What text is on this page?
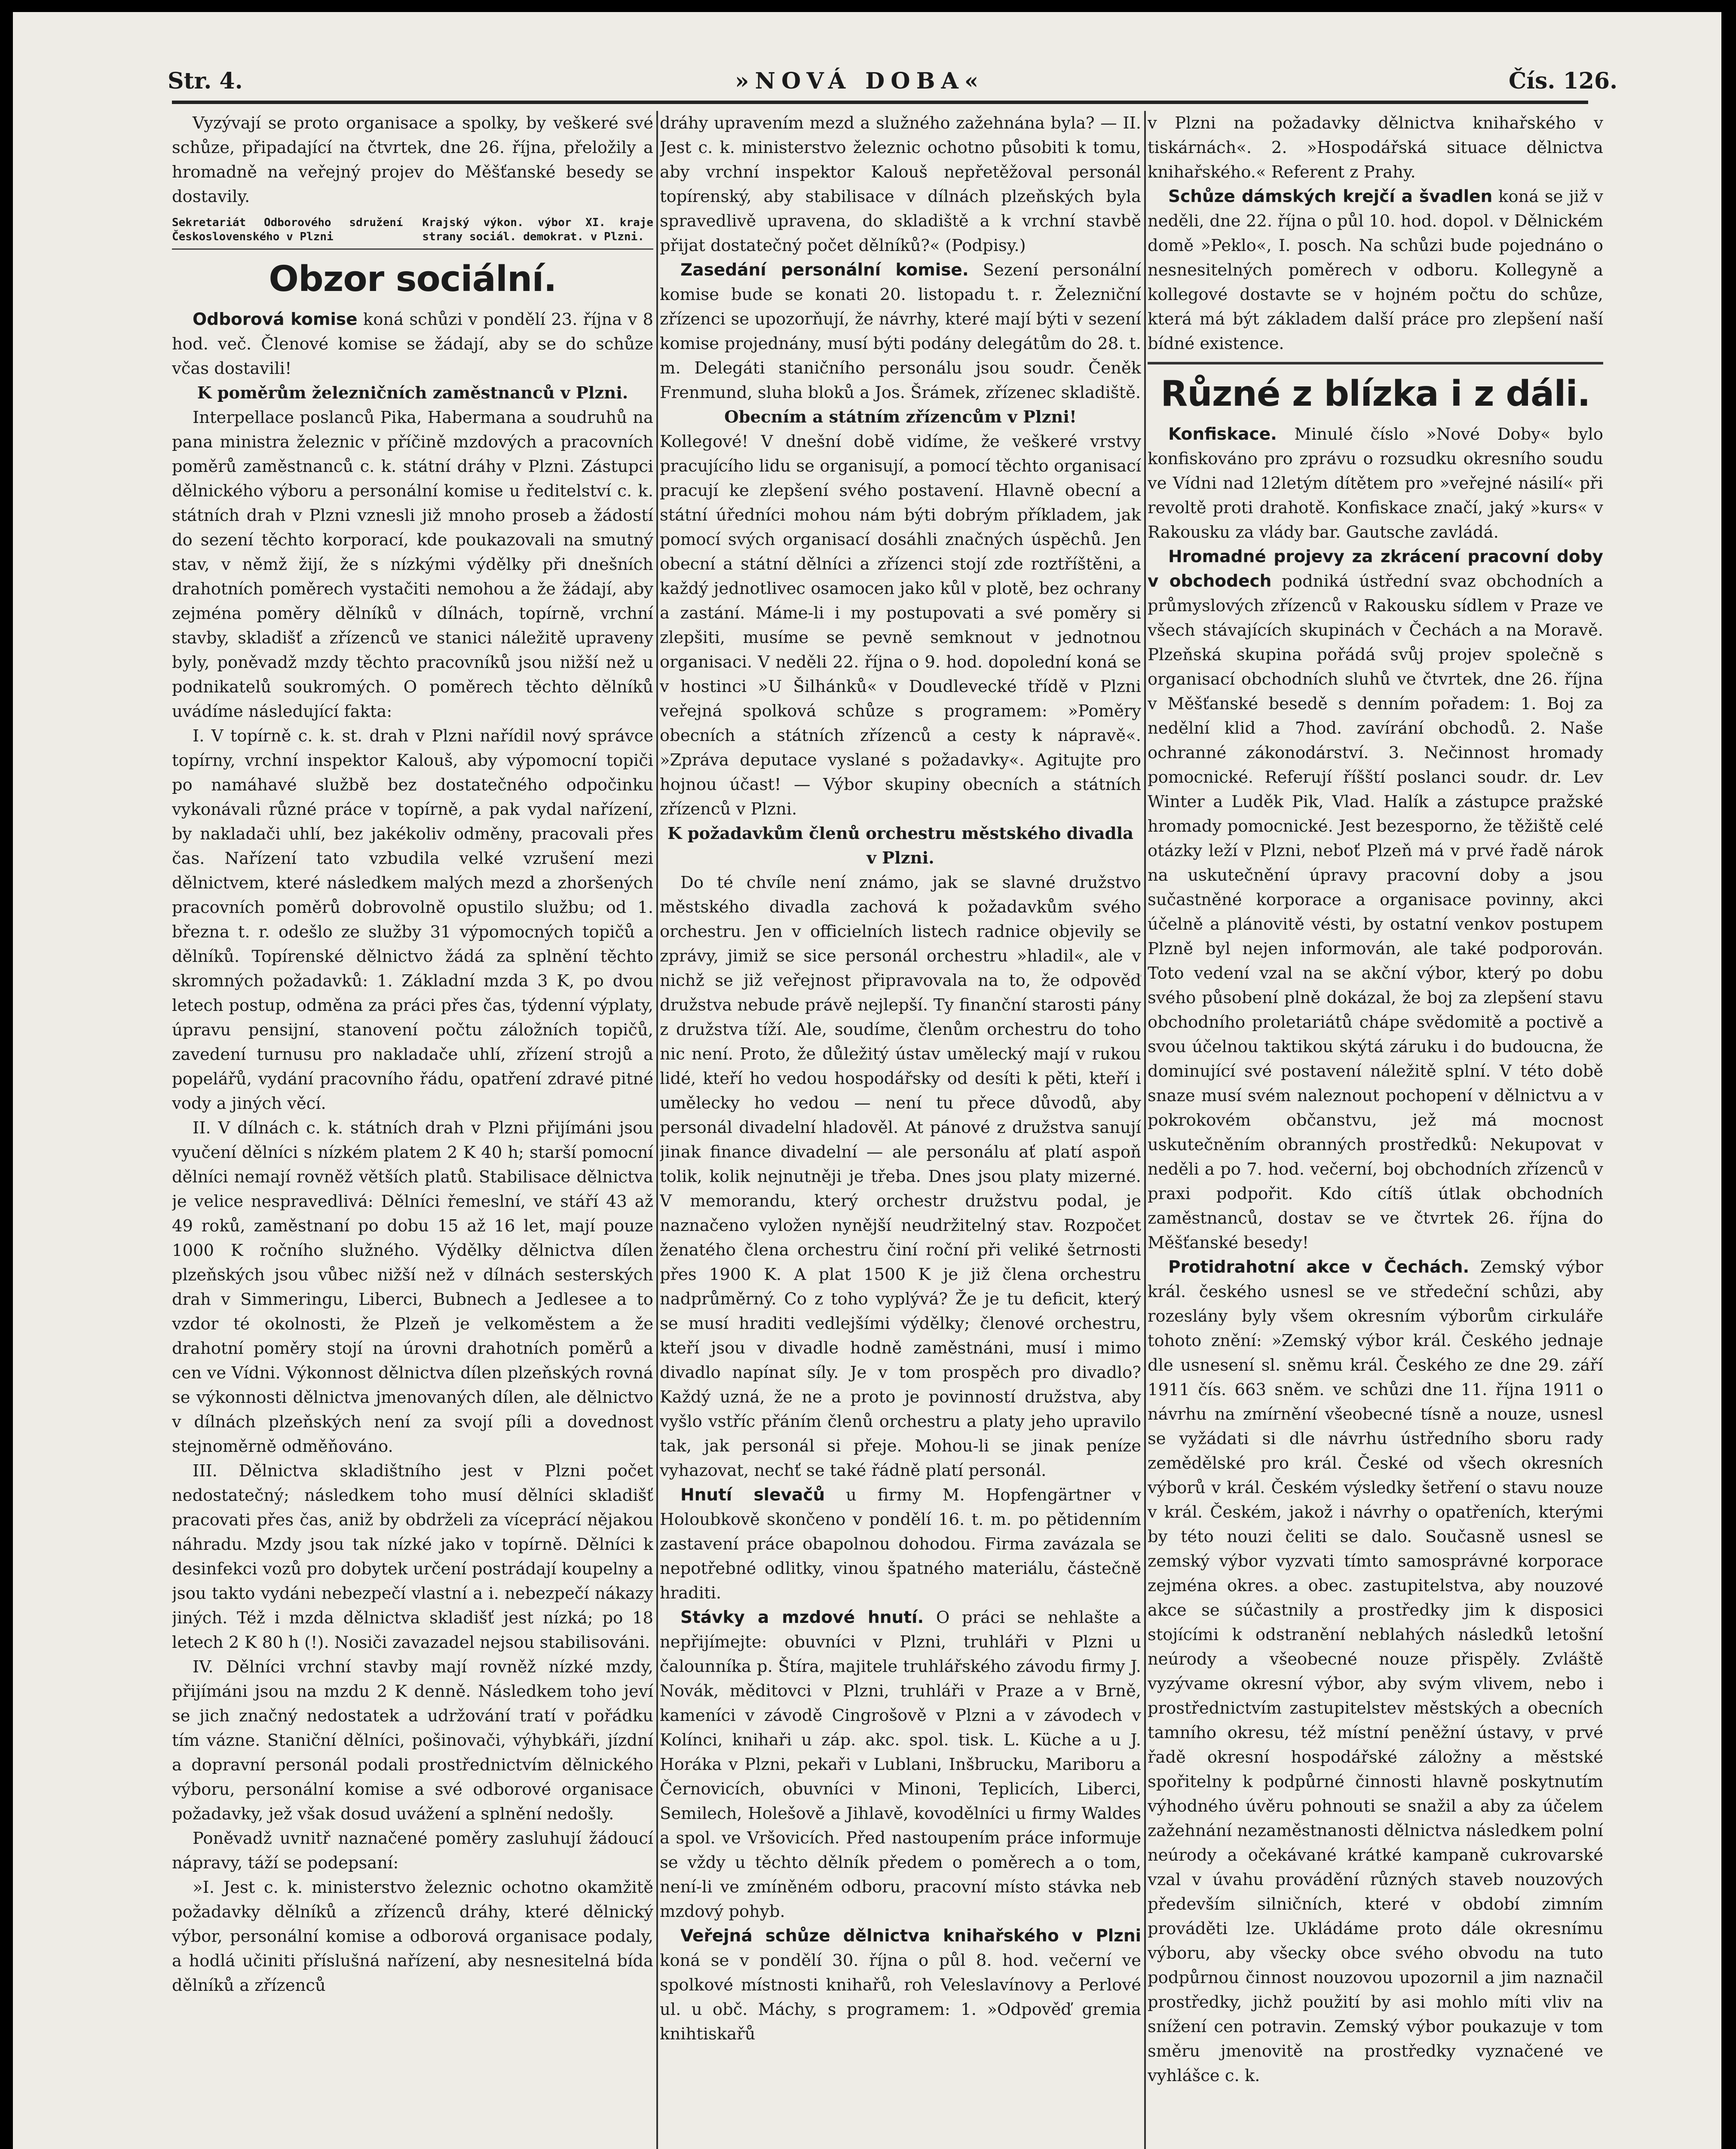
Str. 4.	»NOVÁ DOBA«	Čís. 126.

Vyzývají se proto organisace a spolky, by veškeré své schůze, připadající na čtvrtek, dne 26. října, přeložily a hromadně na veřejný projev do Měšťanské besedy se dostavily.

Sekretariát Odborového sdružení Československého v Plzni
Krajský výkon. výbor XI. kraje strany sociál. demokrat. v Plzni.
Obzor sociální.

Odborová komise koná schůzi v pondělí 23. října v 8 hod. več. Členové komise se žádají, aby se do schůze včas dostavili!

K poměrům železničních zaměstnanců v Plzni.

Interpellace poslanců Pika, Habermana a soudruhů na pana ministra železnic v příčině mzdových a pracovních poměrů zaměstnanců c. k. státní dráhy v Plzni. Zástupci dělnického výboru a personální komise u ředitelství c. k. státních drah v Plzni vznesli již mnoho proseb a žádostí do sezení těchto korporací, kde poukazovali na smutný stav, v němž žijí, že s nízkými výdělky při dnešních drahotních poměrech vystačiti nemohou a že žádají, aby zejména poměry dělníků v dílnách, topírně, vrchní stavby, skladišť a zřízenců ve stanici náležitě upraveny byly, poněvadž mzdy těchto pracovníků jsou nižší než u podnikatelů soukromých. O poměrech těchto dělníků uvádíme následující fakta:

I. V topírně c. k. st. drah v Plzni nařídil nový správce topírny, vrchní inspektor Kalouš, aby výpomocní topiči po namáhavé službě bez dostatečného odpočinku vykonávali různé práce v topírně, a pak vydal nařízení, by nakladači uhlí, bez jakékoliv odměny, pracovali přes čas. Nařízení tato vzbudila velké vzrušení mezi dělnictvem, které následkem malých mezd a zhoršených pracovních poměrů dobrovolně opustilo službu; od 1. března t. r. odešlo ze služby 31 výpomocných topičů a dělníků. Topírenské dělnictvo žádá za splnění těchto skromných požadavků: 1. Základní mzda 3 K, po dvou letech postup, odměna za práci přes čas, týdenní výplaty, úpravu pensijní, stanovení počtu záložních topičů, zavedení turnusu pro nakladače uhlí, zřízení strojů a popelářů, vydání pracovního řádu, opatření zdravé pitné vody a jiných věcí.

II. V dílnách c. k. státních drah v Plzni přijímáni jsou vyučení dělníci s nízkém platem 2 K 40 h; starší pomocní dělníci nemají rovněž větších platů. Stabilisace dělnictva je velice nespravedlivá: Dělníci řemeslní, ve stáří 43 až 49 roků, zaměstnaní po dobu 15 až 16 let, mají pouze 1000 K ročního služného. Výdělky dělnictva dílen plzeňských jsou vůbec nižší než v dílnách sesterských drah v Simmeringu, Liberci, Bubnech a Jedlesee a to vzdor té okolnosti, že Plzeň je velkoměstem a že drahotní poměry stojí na úrovni drahotních poměrů a cen ve Vídni. Výkonnost dělnictva dílen plzeňských rovná se výkonnosti dělnictva jmenovaných dílen, ale dělnictvo v dílnách plzeňských není za svojí píli a dovednost stejnoměrně odměňováno.

III. Dělnictva skladištního jest v Plzni počet nedostatečný; následkem toho musí dělníci skladišť pracovati přes čas, aniž by obdrželi za víceprácí nějakou náhradu. Mzdy jsou tak nízké jako v topírně. Dělníci k desinfekci vozů pro dobytek určení postrádají koupelny a jsou takto vydáni nebezpečí vlastní a i. nebezpečí nákazy jiných. Též i mzda dělnictva skladišť jest nízká; po 18 letech 2 K 80 h (!). Nosiči zavazadel nejsou stabilisováni.

IV. Dělníci vrchní stavby mají rovněž nízké mzdy, přijímáni jsou na mzdu 2 K denně. Následkem toho jeví se jich značný nedostatek a udržování tratí v pořádku tím vázne. Staniční dělníci, pošinovači, výhybkáři, jízdní a dopravní personál podali prostřednictvím dělnického výboru, personální komise a své odborové organisace požadavky, jež však dosud uvážení a splnění nedošly.

Poněvadž uvnitř naznačené poměry zasluhují žádoucí nápravy, táží se podepsaní:

»I. Jest c. k. ministerstvo železnic ochotno okamžitě požadavky dělníků a zřízenců dráhy, které dělnický výbor, personální komise a odborová organisace podaly, a hodlá učiniti příslušná nařízení, aby nesnesitelná bída dělníků a zřízenců

dráhy upravením mezd a služného zažehnána byla? — II. Jest c. k. ministerstvo železnic ochotno působiti k tomu, aby vrchní inspektor Kalouš nepřetěžoval personál topírenský, aby stabilisace v dílnách plzeňských byla spravedlivě upravena, do skladiště a k vrchní stavbě přijat dostatečný počet dělníků?« (Podpisy.)

Zasedání personální komise. Sezení personální komise bude se konati 20. listopadu t. r. Železniční zřízenci se upozorňují, že návrhy, které mají býti v sezení komise projednány, musí býti podány delegátům do 28. t. m. Delegáti staničního personálu jsou soudr. Čeněk Frenmund, sluha bloků a Jos. Šrámek, zřízenec skladiště.

Obecním a státním zřízencům v Plzni!

Kollegové! V dnešní době vidíme, že veškeré vrstvy pracujícího lidu se organisují, a pomocí těchto organisací pracují ke zlepšení svého postavení. Hlavně obecní a státní úředníci mohou nám býti dobrým příkladem, jak pomocí svých organisací dosáhli značných úspěchů. Jen obecní a státní dělníci a zřízenci stojí zde roztříštěni, a každý jednotlivec osamocen jako kůl v plotě, bez ochrany a zastání. Máme-li i my postupovati a své poměry si zlepšiti, musíme se pevně semknout v jednotnou organisaci. V neděli 22. října o 9. hod. dopolední koná se v hostinci »U Šilhánků« v Doudlevecké třídě v Plzni veřejná spolková schůze s programem: »Poměry obecních a státních zřízenců a cesty k nápravě«. »Zpráva deputace vyslané s požadavky«. Agitujte pro hojnou účast! — Výbor skupiny obecních a státních zřízenců v Plzni.

K požadavkům členů orchestru městského divadla v Plzni.

Do té chvíle není známo, jak se slavné družstvo městského divadla zachová k požadavkům svého orchestru. Jen v officielních listech radnice objevily se zprávy, jimiž se sice personál orchestru »hladil«, ale v nichž se již veřejnost připravovala na to, že odpověď družstva nebude právě nejlepší. Ty finanční starosti pány z družstva tíží. Ale, soudíme, členům orchestru do toho nic není. Proto, že důležitý ústav umělecký mají v rukou lidé, kteří ho vedou hospodářsky od desíti k pěti, kteří i umělecky ho vedou — není tu přece důvodů, aby personál divadelní hladověl. At pánové z družstva sanují jinak finance divadelní — ale personálu ať platí aspoň tolik, kolik nejnutněji je třeba. Dnes jsou platy mizerné. V memorandu, který orchestr družstvu podal, je naznačeno vyložen nynější neudržitelný stav. Rozpočet ženatého člena orchestru činí roční při veliké šetrnosti přes 1900 K. A plat 1500 K je již člena orchestru nadprůměrný. Co z toho vyplývá? Že je tu deficit, který se musí hraditi vedlejšími výdělky; členové orchestru, kteří jsou v divadle hodně zaměstnáni, musí i mimo divadlo napínat síly. Je v tom prospěch pro divadlo? Každý uzná, že ne a proto je povinností družstva, aby vyšlo vstříc přáním členů orchestru a platy jeho upravilo tak, jak personál si přeje. Mohou-li se jinak peníze vyhazovat, nechť se také řádně platí personál.

Hnutí slevačů u firmy M. Hopfengärtner v Holoubkově skončeno v pondělí 16. t. m. po pětidenním zastavení práce obapolnou dohodou. Firma zavázala se nepotřebné odlitky, vinou špatného materiálu, částečně hraditi.

Stávky a mzdové hnutí. O práci se nehlašte a nepřijímejte: obuvníci v Plzni, truhláři v Plzni u čalounníka p. Štíra, majitele truhlářského závodu firmy J. Novák, měditovci v Plzni, truhláři v Praze a v Brně, kameníci v závodě Cingrošově v Plzni a v závodech v Kolínci, knihaři u záp. akc. spol. tisk. L. Küche a u J. Horáka v Plzni, pekaři v Lublani, Inšbrucku, Mariboru a Černovicích, obuvníci v Minoni, Teplicích, Liberci, Semilech, Holešově a Jihlavě, kovodělníci u firmy Waldes a spol. ve Vršovicích. Před nastoupením práce informuje se vždy u těchto dělník předem o poměrech a o tom, není-li ve zmíněném odboru, pracovní místo stávka neb mzdový pohyb.

Veřejná schůze dělnictva knihařského v Plzni koná se v pondělí 30. října o půl 8. hod. večerní ve spolkové místnosti knihařů, roh Veleslavínovy a Perlové ul. u obč. Máchy, s programem: 1. »Odpověď gremia knihtiskařů

v Plzni na požadavky dělnictva knihařského v tiskárnách«. 2. »Hospodářská situace dělnictva knihařského.« Referent z Prahy.

Schůze dámských krejčí a švadlen koná se již v neděli, dne 22. října o půl 10. hod. dopol. v Dělnickém domě »Peklo«, I. posch. Na schůzi bude pojednáno o nesnesitelných poměrech v odboru. Kollegyně a kollegové dostavte se v hojném počtu do schůze, která má být základem další práce pro zlepšení naší bídné existence.

Různé z blízka i z dáli.

Konfiskace. Minulé číslo »Nové Doby« bylo konfiskováno pro zprávu o rozsudku okresního soudu ve Vídni nad 12letým dítětem pro »veřejné násilí« při revoltě proti drahotě. Konfiskace značí, jaký »kurs« v Rakousku za vlády bar. Gautsche zavládá.

Hromadné projevy za zkrácení pracovní doby v obchodech podniká ústřední svaz obchodních a průmyslových zřízenců v Rakousku sídlem v Praze ve všech stávajících skupinách v Čechách a na Moravě. Plzeňská skupina pořádá svůj projev společně s organisací obchodních sluhů ve čtvrtek, dne 26. října v Měšťanské besedě s denním pořadem: 1. Boj za nedělní klid a 7hod. zavírání obchodů. 2. Naše ochranné zákonodárství. 3. Nečinnost hromady pomocnické. Referují říšští poslanci soudr. dr. Lev Winter a Luděk Pik, Vlad. Halík a zástupce pražské hromady pomocnické. Jest bezesporno, že těžiště celé otázky leží v Plzni, neboť Plzeň má v prvé řadě nárok na uskutečnění úpravy pracovní doby a jsou sučastněné korporace a organisace povinny, akci účelně a plánovitě vésti, by ostatní venkov postupem Plzně byl nejen informován, ale také podporován. Toto vedení vzal na se akční výbor, který po dobu svého působení plně dokázal, že boj za zlepšení stavu obchodního proletariátů chápe svědomitě a poctivě a svou účelnou taktikou skýtá záruku i do budoucna, že dominující své postavení náležitě splní. V této době snaze musí svém naleznout pochopení v dělnictvu a v pokrokovém občanstvu, jež má mocnost uskutečněním obranných prostředků: Nekupovat v neděli a po 7. hod. večerní, boj obchodních zřízenců v praxi podpořit. Kdo cítíš útlak obchodních zaměstnanců, dostav se ve čtvrtek 26. října do Měšťanské besedy!

Protidrahotní akce v Čechách. Zemský výbor král. českého usnesl se ve středeční schůzi, aby rozeslány byly všem okresním výborům cirkuláře tohoto znění: »Zemský výbor král. Českého jednaje dle usnesení sl. sněmu král. Českého ze dne 29. září 1911 čís. 663 sněm. ve schůzi dne 11. října 1911 o návrhu na zmírnění všeobecné tísně a nouze, usnesl se vyžádati si dle návrhu ústředního sboru rady zemědělské pro král. České od všech okresních výborů v král. Českém výsledky šetření o stavu nouze v král. Českém, jakož i návrhy o opatřeních, kterými by této nouzi čeliti se dalo. Současně usnesl se zemský výbor vyzvati tímto samosprávné korporace zejména okres. a obec. zastupitelstva, aby nouzové akce se súčastnily a prostředky jim k disposici stojícími k odstranění neblahých následků letošní neúrody a všeobecné nouze přispěly. Zvláště vyzývame okresní výbor, aby svým vlivem, nebo i prostřednictvím zastupitelstev městských a obecních tamního okresu, též místní peněžní ústavy, v prvé řadě okresní hospodářské záložny a městské spořitelny k podpůrné činnosti hlavně poskytnutím výhodného úvěru pohnouti se snažil a aby za účelem zažehnání nezaměstnanosti dělnictva následkem polní neúrody a očekávané krátké kampaně cukrovarské vzal v úvahu provádění různých staveb nouzových především silničních, které v období zimním prováděti lze. Ukládáme proto dále okresnímu výboru, aby všecky obce svého obvodu na tuto podpůrnou činnost nouzovou upozornil a jim naznačil prostředky, jichž použití by asi mohlo míti vliv na snížení cen potravin. Zemský výbor poukazuje v tom směru jmenovitě na prostředky vyznačené ve vyhlášce c. k.
